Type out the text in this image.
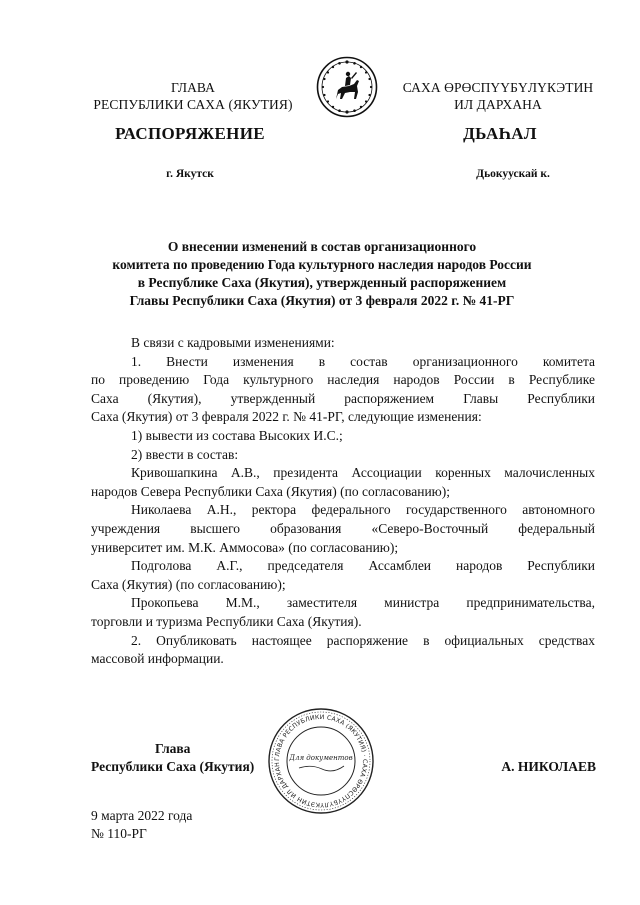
ГЛАВА
РЕСПУБЛИКИ САХА (ЯКУТИЯ)
САХА ӨРӨСПҮҮБҮЛҮКЭТИН
ИЛ ДАРХАНА
РАСПОРЯЖЕНИЕ	ДЬАҺАЛ
г. Якутск	Дьокуускай к.
О внесении изменений в состав организационного
комитета по проведению Года культурного наследия народов России
в Республике Саха (Якутия), утвержденный распоряжением
Главы Республики Саха (Якутия) от 3 февраля 2022 г. № 41-РГ
В связи с кадровыми изменениями:
1. Внести изменения в состав организационного комитета
по проведению Года культурного наследия народов России в Республике
Саха (Якутия), утвержденный распоряжением Главы Республики
Саха (Якутия) от 3 февраля 2022 г. № 41-РГ, следующие изменения:
1) вывести из состава Высоких И.С.;
2) ввести в состав:
Кривошапкина А.В., президента Ассоциации коренных малочисленных
народов Севера Республики Саха (Якутия) (по согласованию);
Николаева А.Н., ректора федерального государственного автономного
учреждения высшего образования «Северо-Восточный федеральный
университет им. М.К. Аммосова» (по согласованию);
Подголова А.Г., председателя Ассамблеи народов Республики
Саха (Якутия) (по согласованию);
Прокопьева М.М., заместителя министра предпринимательства,
торговли и туризма Республики Саха (Якутия).
2. Опубликовать настоящее распоряжение в официальных средствах
массовой информации.
Глава
Республики Саха (Якутия)
ГЛАВА РЕСПУБЛИКИ САХА (ЯКУТИЯ) · САХА ӨРӨСПҮҮБҮЛҮКЭТИН ИЛ ДАРХАН
Для документов
А. НИКОЛАЕВ
9 марта 2022 года
№ 110-РГ
